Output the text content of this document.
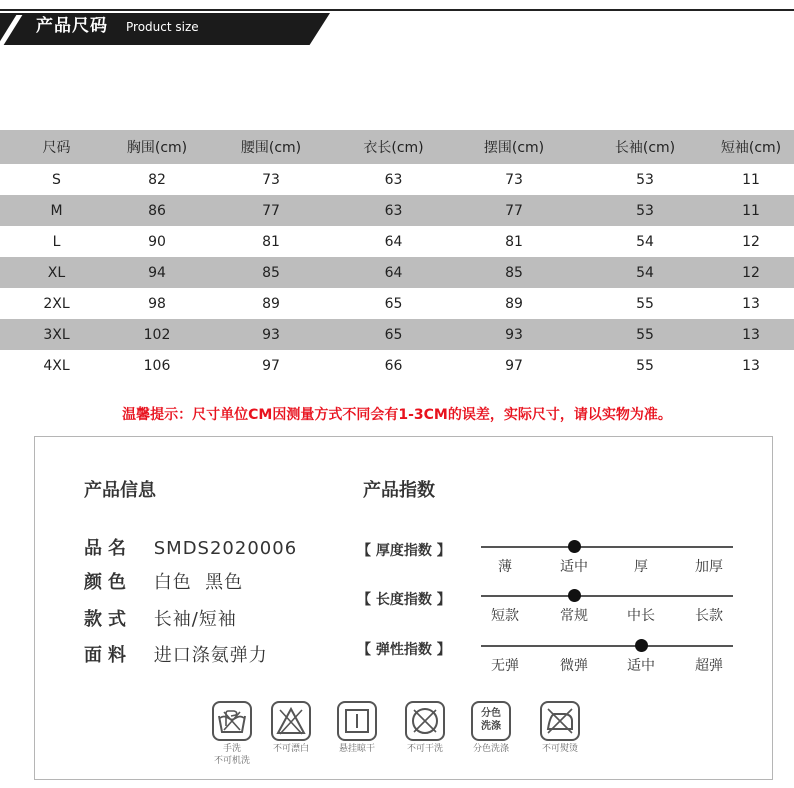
产品尺码 Product size
尺码	胸围(cm)	腰围(cm)	衣长(cm)	摆围(cm)	长袖(cm)	短袖(cm)
S	82	73	63	73	53	11
M	86	77	63	77	53	11
L	90	81	64	81	54	12
XL	94	85	64	85	54	12
2XL	98	89	65	89	55	13
3XL	102	93	65	93	55	13
4XL	106	97	66	97	55	13
温馨提示：尺寸单位CM因测量方式不同会有1-3CM的误差，实际尺寸，请以实物为准。
产品信息	产品指数
品名 SMDS2020006
颜色 白色  黑色
款式 长袖/短袖
面料 进口涤氨弹力
【 厚度指数 】
薄	适中	厚	加厚
【 长度指数 】
短款	常规	中长	长款
【 弹性指数 】
无弹	微弹	适中	超弹
手洗
不可机洗
不可漂白	悬挂晾干	不可干洗
分色
洗涤
分色洗涤	不可熨烫
